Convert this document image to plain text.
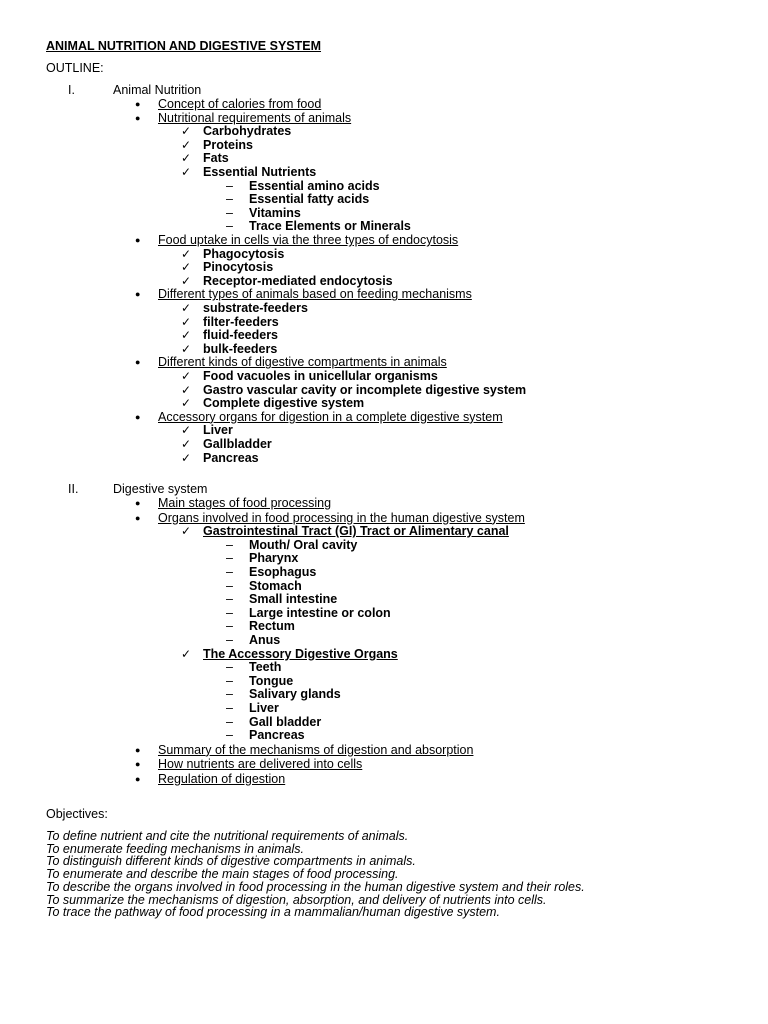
ANIMAL NUTRITION AND DIGESTIVE SYSTEM
OUTLINE:
I.	Animal Nutrition
● Concept of calories from food
● Nutritional requirements of animals
✓ Carbohydrates
✓ Proteins
✓ Fats
✓ Essential Nutrients
– Essential amino acids
– Essential fatty acids
– Vitamins
– Trace Elements or Minerals
● Food uptake in cells via the three types of endocytosis
✓ Phagocytosis
✓ Pinocytosis
✓ Receptor-mediated endocytosis
● Different types of animals based on feeding mechanisms
✓ substrate-feeders
✓ filter-feeders
✓ fluid-feeders
✓ bulk-feeders
● Different kinds of digestive compartments in animals
✓ Food vacuoles in unicellular organisms
✓ Gastro vascular cavity or incomplete digestive system
✓ Complete digestive system
● Accessory organs for digestion in a complete digestive system
✓ Liver
✓ Gallbladder
✓ Pancreas
II.	Digestive system
● Main stages of food processing
● Organs involved in food processing in the human digestive system
✓ Gastrointestinal Tract (GI) Tract or Alimentary canal
– Mouth/ Oral cavity
– Pharynx
– Esophagus
– Stomach
– Small intestine
– Large intestine or colon
– Rectum
– Anus
✓ The Accessory Digestive Organs
– Teeth
– Tongue
– Salivary glands
– Liver
– Gall bladder
– Pancreas
● Summary of the mechanisms of digestion and absorption
● How nutrients are delivered into cells
● Regulation of digestion
Objectives:
To define nutrient and cite the nutritional requirements of animals.
To enumerate feeding mechanisms in animals.
To distinguish different kinds of digestive compartments in animals.
To enumerate and describe the main stages of food processing.
To describe the organs involved in food processing in the human digestive system and their roles.
To summarize the mechanisms of digestion, absorption, and delivery of nutrients into cells.
To trace the pathway of food processing in a mammalian/human digestive system.
